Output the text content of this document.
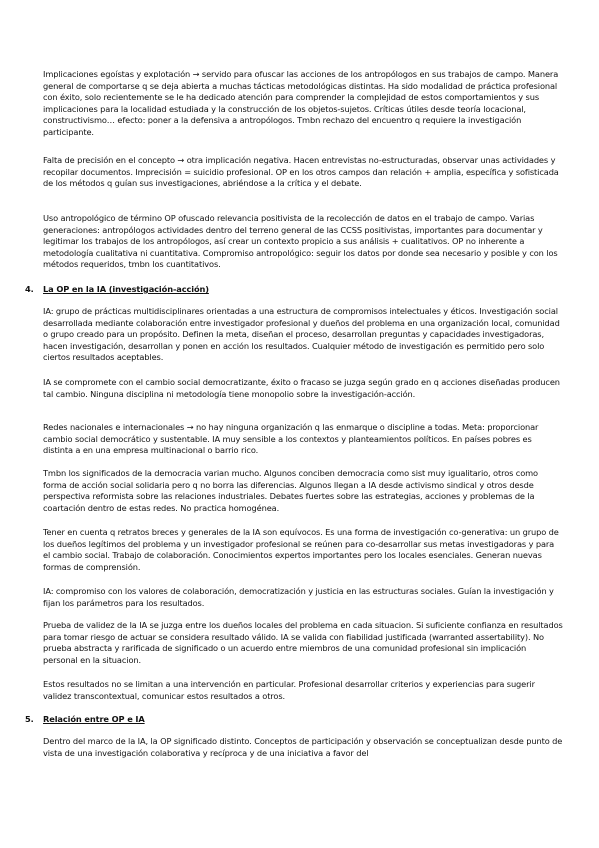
Implicaciones egoístas y explotación → servido para ofuscar las acciones de los antropólogos en sus trabajos de campo. Manera general de comportarse q se deja abierta a muchas tácticas metodológicas distintas. Ha sido modalidad de práctica profesional con éxito, solo recientemente se le ha dedicado atención para comprender la complejidad de estos comportamientos y sus implicaciones para la localidad estudiada y la construcción de los objetos-sujetos. Críticas útiles desde teoría locacional, constructivismo… efecto: poner a la defensiva a antropólogos. Tmbn rechazo del encuentro q requiere la investigación participante.

Falta de precisión en el concepto → otra implicación negativa. Hacen entrevistas no-estructuradas, observar unas actividades y recopilar documentos. Imprecisión = suicidio profesional. OP en los otros campos dan relación + amplia, específica y sofisticada de los métodos q guían sus investigaciones, abriéndose a la crítica y el debate.

Uso antropológico de término OP ofuscado relevancia positivista de la recolección de datos en el trabajo de campo. Varias generaciones: antropólogos actividades dentro del terreno general de las CCSS positivistas, importantes para documentar y legitimar los trabajos de los antropólogos, así crear un contexto propicio a sus análisis + cualitativos. OP no inherente a metodología cualitativa ni cuantitativa. Compromiso antropológico: seguir los datos por donde sea necesario y posible y con los métodos requeridos, tmbn los cuantitativos.

4. La OP en la IA (investigación-acción)

IA: grupo de prácticas multidisciplinares orientadas a una estructura de compromisos intelectuales y éticos. Investigación social desarrollada mediante colaboración entre investigador profesional y dueños del problema en una organización local, comunidad o grupo creado para un propósito. Definen la meta, diseñan el proceso, desarrollan preguntas y capacidades investigadoras, hacen investigación, desarrollan y ponen en acción los resultados. Cualquier método de investigación es permitido pero solo ciertos resultados aceptables.

IA se compromete con el cambio social democratizante, éxito o fracaso se juzga según grado en q acciones diseñadas producen tal cambio. Ninguna disciplina ni metodología tiene monopolio sobre la investigación-acción.

Redes nacionales e internacionales → no hay ninguna organización q las enmarque o discipline a todas. Meta: proporcionar cambio social democrático y sustentable. IA muy sensible a los contextos y planteamientos políticos. En países pobres es distinta a en una empresa multinacional o barrio rico.

Tmbn los significados de la democracia varian mucho. Algunos conciben democracia como sist muy igualitario, otros como forma de acción social solidaria pero q no borra las diferencias. Algunos llegan a IA desde activismo sindical y otros desde perspectiva reformista sobre las relaciones industriales. Debates fuertes sobre las estrategias, acciones y problemas de la coartación dentro de estas redes. No practica homogénea.

Tener en cuenta q retratos breces y generales de la IA son equívocos. Es una forma de investigación co-generativa: un grupo de los dueños legítimos del problema y un investigador profesional se reúnen para co-desarrollar sus metas investigadoras y para el cambio social. Trabajo de colaboración. Conocimientos expertos importantes pero los locales esenciales. Generan nuevas formas de comprensión.

IA: compromiso con los valores de colaboración, democratización y justicia en las estructuras sociales. Guían la investigación y fijan los parámetros para los resultados.

Prueba de validez de la IA se juzga entre los dueños locales del problema en cada situacion. Si suficiente confianza en resultados para tomar riesgo de actuar se considera resultado válido. IA se valida con fiabilidad justificada (warranted assertability). No prueba abstracta y rarificada de significado o un acuerdo entre miembros de una comunidad profesional sin implicación personal en la situacion.

Estos resultados no se limitan a una intervención en particular. Profesional desarrollar criterios y experiencias para sugerir validez transcontextual, comunicar estos resultados a otros.

5. Relación entre OP e IA

Dentro del marco de la IA, la OP significado distinto. Conceptos de participación y observación se conceptualizan desde punto de vista de una investigación colaborativa y recíproca y de una iniciativa a favor del
